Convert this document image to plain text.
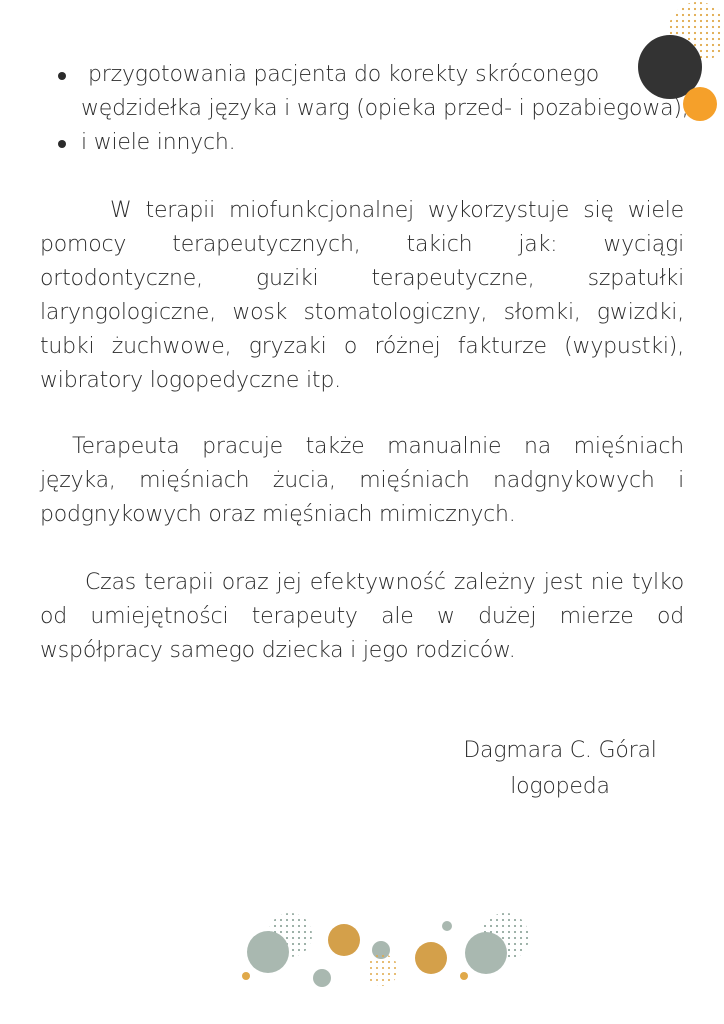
przygotowania pacjenta do korekty skróconego wędzidełka języka i warg (opieka przed- i pozabiegowa),
i wiele innych.

W terapii miofunkcjonalnej wykorzystuje się wiele pomocy terapeutycznych, takich jak: wyciągi ortodontyczne, guziki terapeutyczne, szpatułki laryngologiczne, wosk stomatologiczny, słomki, gwizdki, tubki żuchwowe, gryzaki o różnej fakturze (wypustki), wibratory logopedyczne itp.

Terapeuta pracuje także manualnie na mięśniach języka, mięśniach żucia, mięśniach nadgnykowych i podgnykowych oraz mięśniach mimicznych.

Czas terapii oraz jej efektywność zależny jest nie tylko od umiejętności terapeuty ale w dużej mierze od współpracy samego dziecka i jego rodziców.

Dagmara C. Góral
logopeda
